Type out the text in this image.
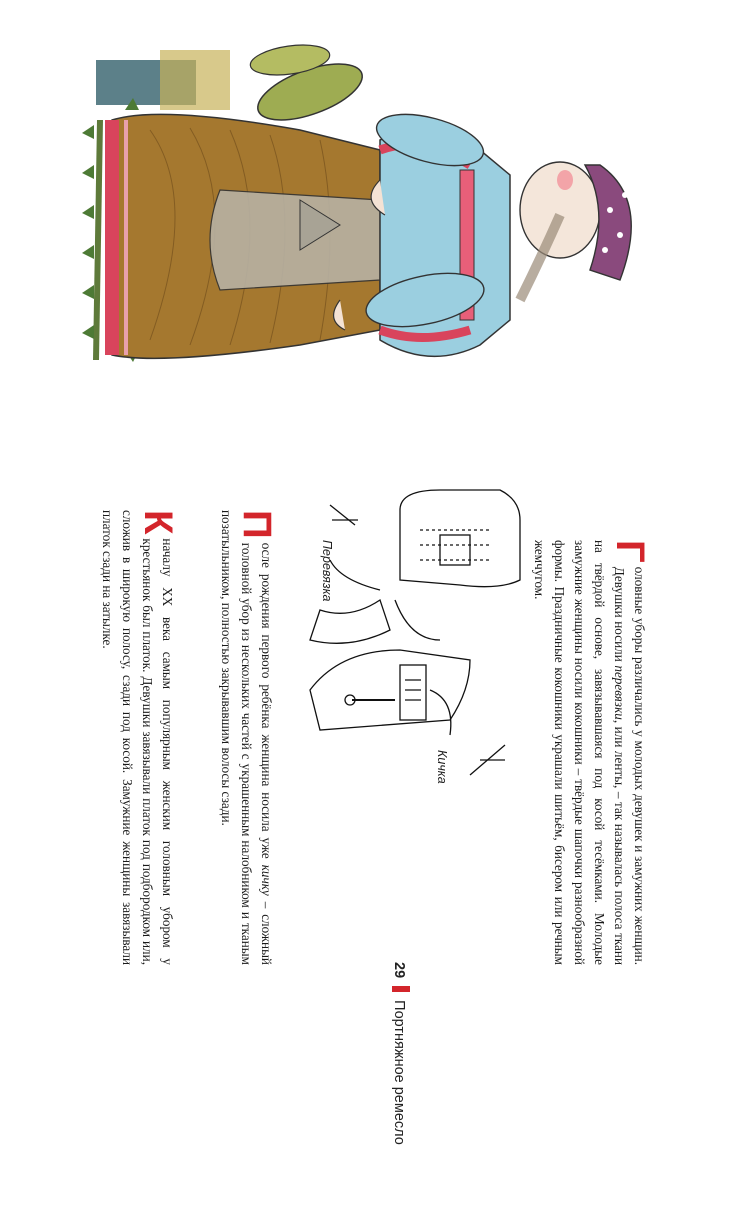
Г
оловные уборы различались у молодых девушек и замужних женщин. Девушки носили перевязки, или ленты, – так называлась полоса ткани на твёрдой основе, завязывавшаяся под косой тесёмками. Молодые замужние женщины носили кокошники – твёрдые шапочки разнообразной формы. Праздничные кокошники украшали шитьём, бисером или речным жемчугом.

Кичка
Перевязка

П
осле рождения первого ребёнка женщина носила уже кичку – сложный головной убор из нескольких частей с украшенным налобником и тканым позатыльником, полностью закрывавшим волосы сзади.

К
началу XX века самым популярным женским головным убором у крестьянок был платок. Девушки завязывали платок под подбородком или, сложив в широкую полосу, сзади под косой. Замужние женщины завязывали платок сзади на затылке.

29Портняжное ремесло
